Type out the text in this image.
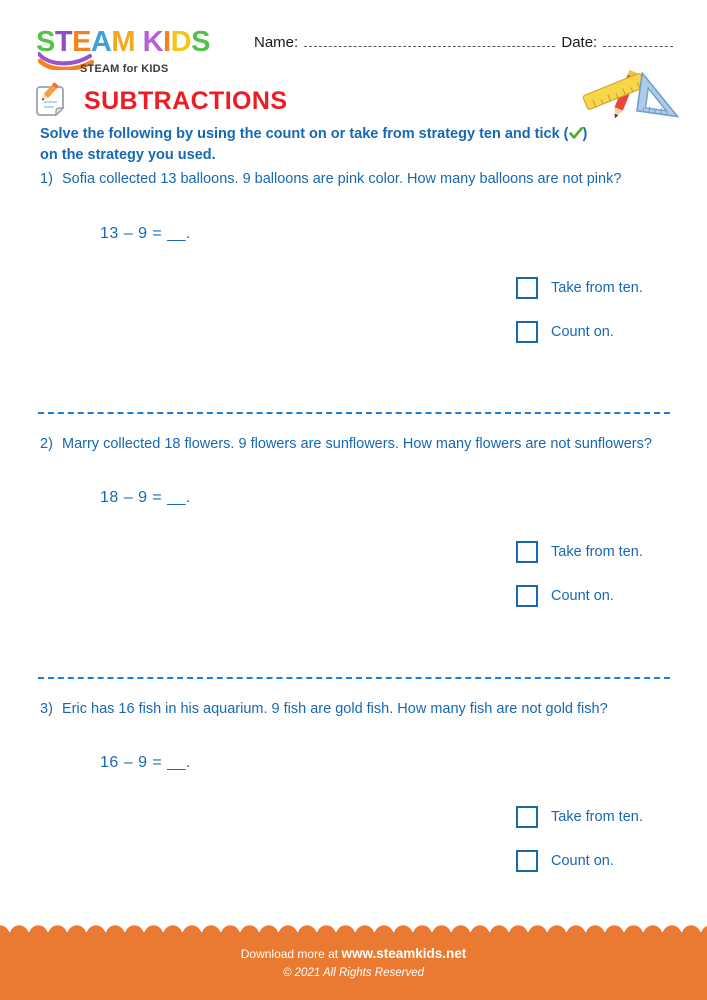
STEAM KIDS
STEAM for KIDS
Name:	Date:
SUBTRACTIONS
Solve the following by using the count on or take from strategy ten and tick ( )
on the strategy you used.
1) Sofia collected 13 balloons. 9 balloons are pink color. How many balloons are not pink?
13 – 9 = __.
Take from ten.
Count on.
2) Marry collected 18 flowers. 9 flowers are sunflowers. How many flowers are not sunflowers?
18 – 9 = __.
Take from ten.
Count on.
3) Eric has 16 fish in his aquarium. 9 fish are gold fish. How many fish are not gold fish?
16 – 9 = __.
Take from ten.
Count on.
Download more at www.steamkids.net
© 2021 All Rights Reserved
